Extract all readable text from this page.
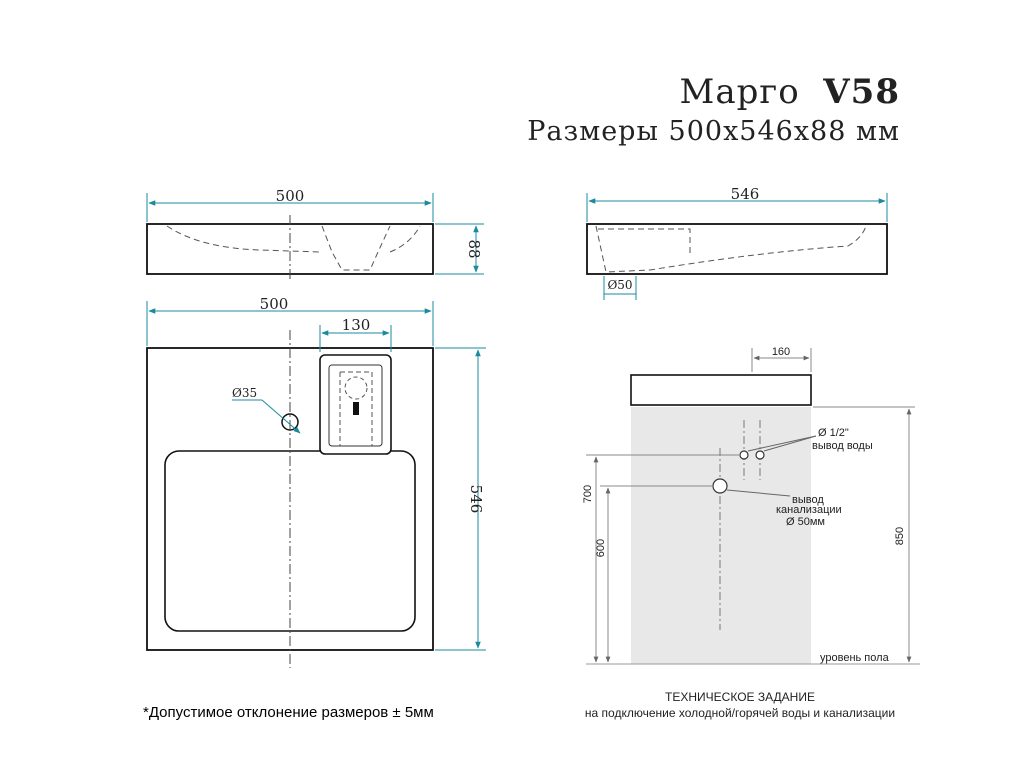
Марго V58
Размеры 500х546х88 мм
500
88
546
Ø50
500
130
Ø35
546
уровень пола
160
Ø 1/2"
вывод воды
вывод
канализации
Ø 50мм
700
600
850
*Допустимое отклонение размеров ± 5мм
ТЕХНИЧЕСКОЕ ЗАДАНИЕ
на подключение холодной/горячей воды и канализации
